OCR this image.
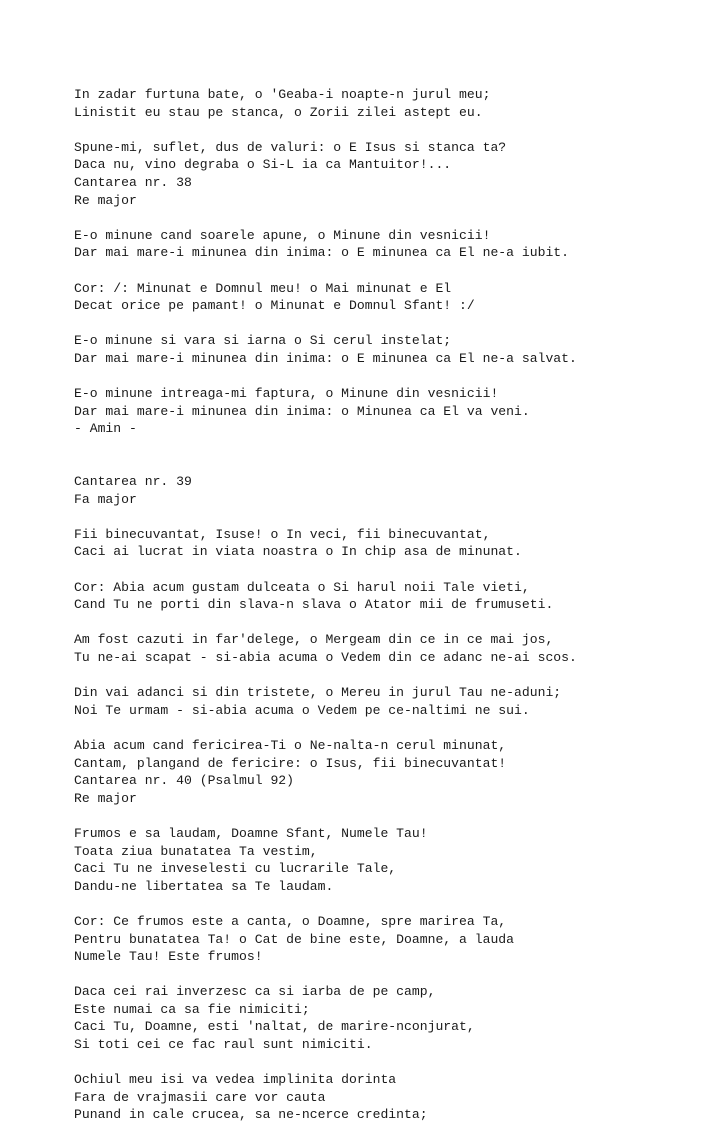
In zadar furtuna bate, o 'Geaba-i noapte-n jurul meu;
Linistit eu stau pe stanca, o Zorii zilei astept eu.
Spune-mi, suflet, dus de valuri: o E Isus si stanca ta?
Daca nu, vino degraba o Si-L ia ca Mantuitor!...
Cantarea nr. 38
Re major
E-o minune cand soarele apune, o Minune din vesnicii!
Dar mai mare-i minunea din inima: o E minunea ca El ne-a iubit.
Cor: /: Minunat e Domnul meu! o Mai minunat e El
Decat orice pe pamant! o Minunat e Domnul Sfant! :/
E-o minune si vara si iarna o Si cerul instelat;
Dar mai mare-i minunea din inima: o E minunea ca El ne-a salvat.
E-o minune intreaga-mi faptura, o Minune din vesnicii!
Dar mai mare-i minunea din inima: o Minunea ca El va veni.
- Amin -
Cantarea nr. 39
Fa major
Fii binecuvantat, Isuse! o In veci, fii binecuvantat,
Caci ai lucrat in viata noastra o In chip asa de minunat.
Cor: Abia acum gustam dulceata o Si harul noii Tale vieti,
Cand Tu ne porti din slava-n slava o Atator mii de frumuseti.
Am fost cazuti in far'delege, o Mergeam din ce in ce mai jos,
Tu ne-ai scapat - si-abia acuma o Vedem din ce adanc ne-ai scos.
Din vai adanci si din tristete, o Mereu in jurul Tau ne-aduni;
Noi Te urmam - si-abia acuma o Vedem pe ce-naltimi ne sui.
Abia acum cand fericirea-Ti o Ne-nalta-n cerul minunat,
Cantam, plangand de fericire: o Isus, fii binecuvantat!
Cantarea nr. 40 (Psalmul 92)
Re major
Frumos e sa laudam, Doamne Sfant, Numele Tau!
Toata ziua bunatatea Ta vestim,
Caci Tu ne inveselesti cu lucrarile Tale,
Dandu-ne libertatea sa Te laudam.
Cor: Ce frumos este a canta, o Doamne, spre marirea Ta,
Pentru bunatatea Ta! o Cat de bine este, Doamne, a lauda
Numele Tau! Este frumos!
Daca cei rai inverzesc ca si iarba de pe camp,
Este numai ca sa fie nimiciti;
Caci Tu, Doamne, esti 'naltat, de marire-nconjurat,
Si toti cei ce fac raul sunt nimiciti.
Ochiul meu isi va vedea implinita dorinta
Fara de vrajmasii care vor cauta
Punand in cale crucea, sa ne-ncerce credinta;
